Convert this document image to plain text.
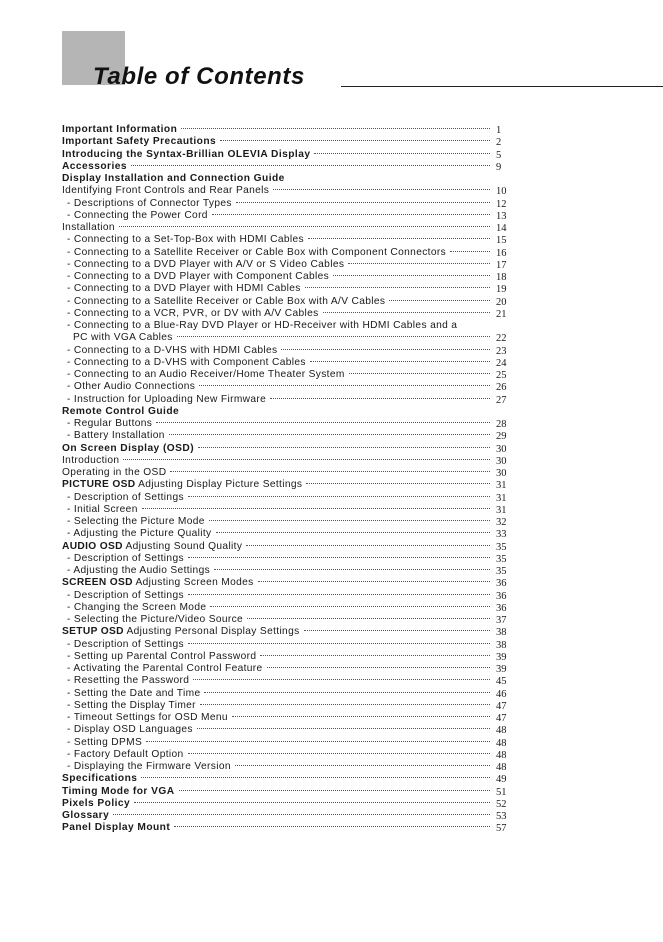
Table of Contents
Important Information	1
Important Safety Precautions	2
Introducing the Syntax-Brillian OLEVIA Display	5
Accessories	9
Display Installation and Connection Guide
Identifying Front Controls and Rear Panels	10
- Descriptions of Connector Types	12
- Connecting the Power Cord	13
Installation	14
- Connecting to a Set-Top-Box with HDMI Cables	15
- Connecting to a Satellite Receiver or Cable Box with Component Connectors	16
- Connecting to a DVD Player with A/V or S Video Cables	17
- Connecting to a DVD Player with Component Cables	18
- Connecting to a DVD Player with HDMI Cables	19
- Connecting to a Satellite Receiver or Cable Box with A/V Cables	20
- Connecting to a VCR, PVR, or DV with A/V Cables	21
- Connecting to a Blue-Ray DVD Player or HD-Receiver with HDMI Cables and a
PC with VGA Cables	22
- Connecting to a D-VHS with HDMI Cables	23
- Connecting to a D-VHS with Component Cables	24
- Connecting to an Audio Receiver/Home Theater System	25
- Other Audio Connections	26
- Instruction for Uploading New Firmware	27
Remote Control Guide
- Regular Buttons	28
- Battery Installation	29
On Screen Display (OSD)	30
Introduction	30
Operating in the OSD	30
PICTURE OSD Adjusting Display Picture Settings	31
- Description of Settings	31
- Initial Screen	31
- Selecting the Picture Mode	32
- Adjusting the Picture Quality	33
AUDIO OSD Adjusting Sound Quality	35
- Description of Settings	35
- Adjusting the Audio Settings	35
SCREEN OSD Adjusting Screen Modes	36
- Description of Settings	36
- Changing the Screen Mode	36
- Selecting the Picture/Video Source	37
SETUP OSD Adjusting Personal Display Settings	38
- Description of Settings	38
- Setting up Parental Control Password	39
- Activating the Parental Control Feature	39
- Resetting the Password	45
- Setting the Date and Time	46
- Setting the Display Timer	47
- Timeout Settings for OSD Menu	47
- Display OSD Languages	48
- Setting DPMS	48
- Factory Default Option	48
- Displaying the Firmware Version	48
Specifications	49
Timing Mode for VGA	51
Pixels Policy	52
Glossary	53
Panel Display Mount	57
